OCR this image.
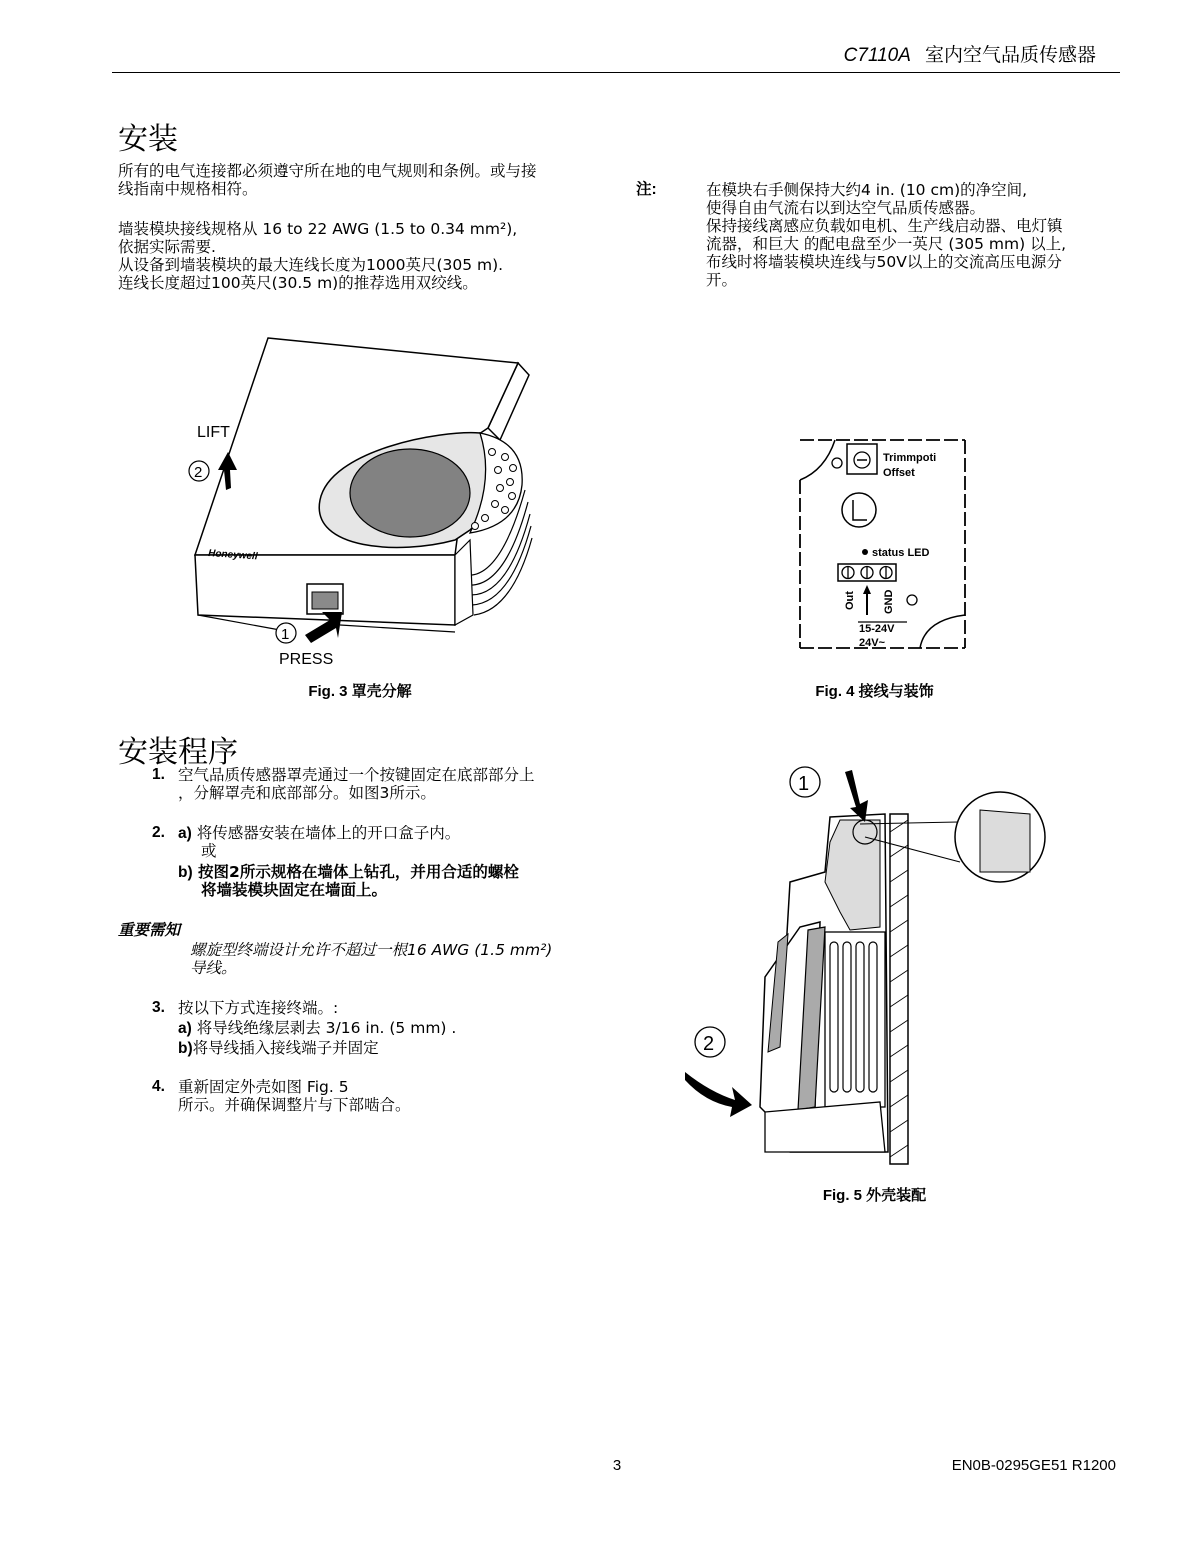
C7110A 室内空气品质传感器
安装
所有的电气连接都必须遵守所在地的电气规则和条例。或与接
线指南中规格相符。
墙装模块接线规格从 16 to 22 AWG (1.5 to 0.34 mm²),
依据实际需要.
从设备到墙装模块的最大连线长度为1000英尺(305 m).
连线长度超过100英尺(30.5 m)的推荐选用双绞线。
注:	在模块右手侧保持大约4 in. (10 cm)的净空间,
使得自由气流右以到达空气品质传感器。
保持接线离感应负载如电机、生产线启动器、电灯镇
流器，和巨大 的配电盘至少一英尺 (305 mm) 以上,
布线时将墙装模块连线与50V以上的交流高压电源分
开。
Honeywell
LIFT
2
1
PRESS
Fig. 3 罩壳分解
Trimmpoti
Offset
status LED
Out GND
15-24V
24V~
Fig. 4 接线与装饰
安装程序
1. 空气品质传感器罩壳通过一个按键固定在底部部分上
，分解罩壳和底部部分。如图3所示。
2. a) 将传感器安装在墙体上的开口盒子内。
或
b) 按图2所示规格在墙体上钻孔，并用合适的螺栓
将墙装模块固定在墙面上。
重要需知
螺旋型终端设计允许不超过一根16 AWG (1.5 mm²)
导线。
3. 按以下方式连接终端。:
a) 将导线绝缘层剥去 3/16 in. (5 mm) .
b)将导线插入接线端子并固定
4. 重新固定外壳如图 Fig. 5
所示。并确保调整片与下部啮合。
1
2
Fig. 5 外壳装配
3	EN0B-0295GE51 R1200
